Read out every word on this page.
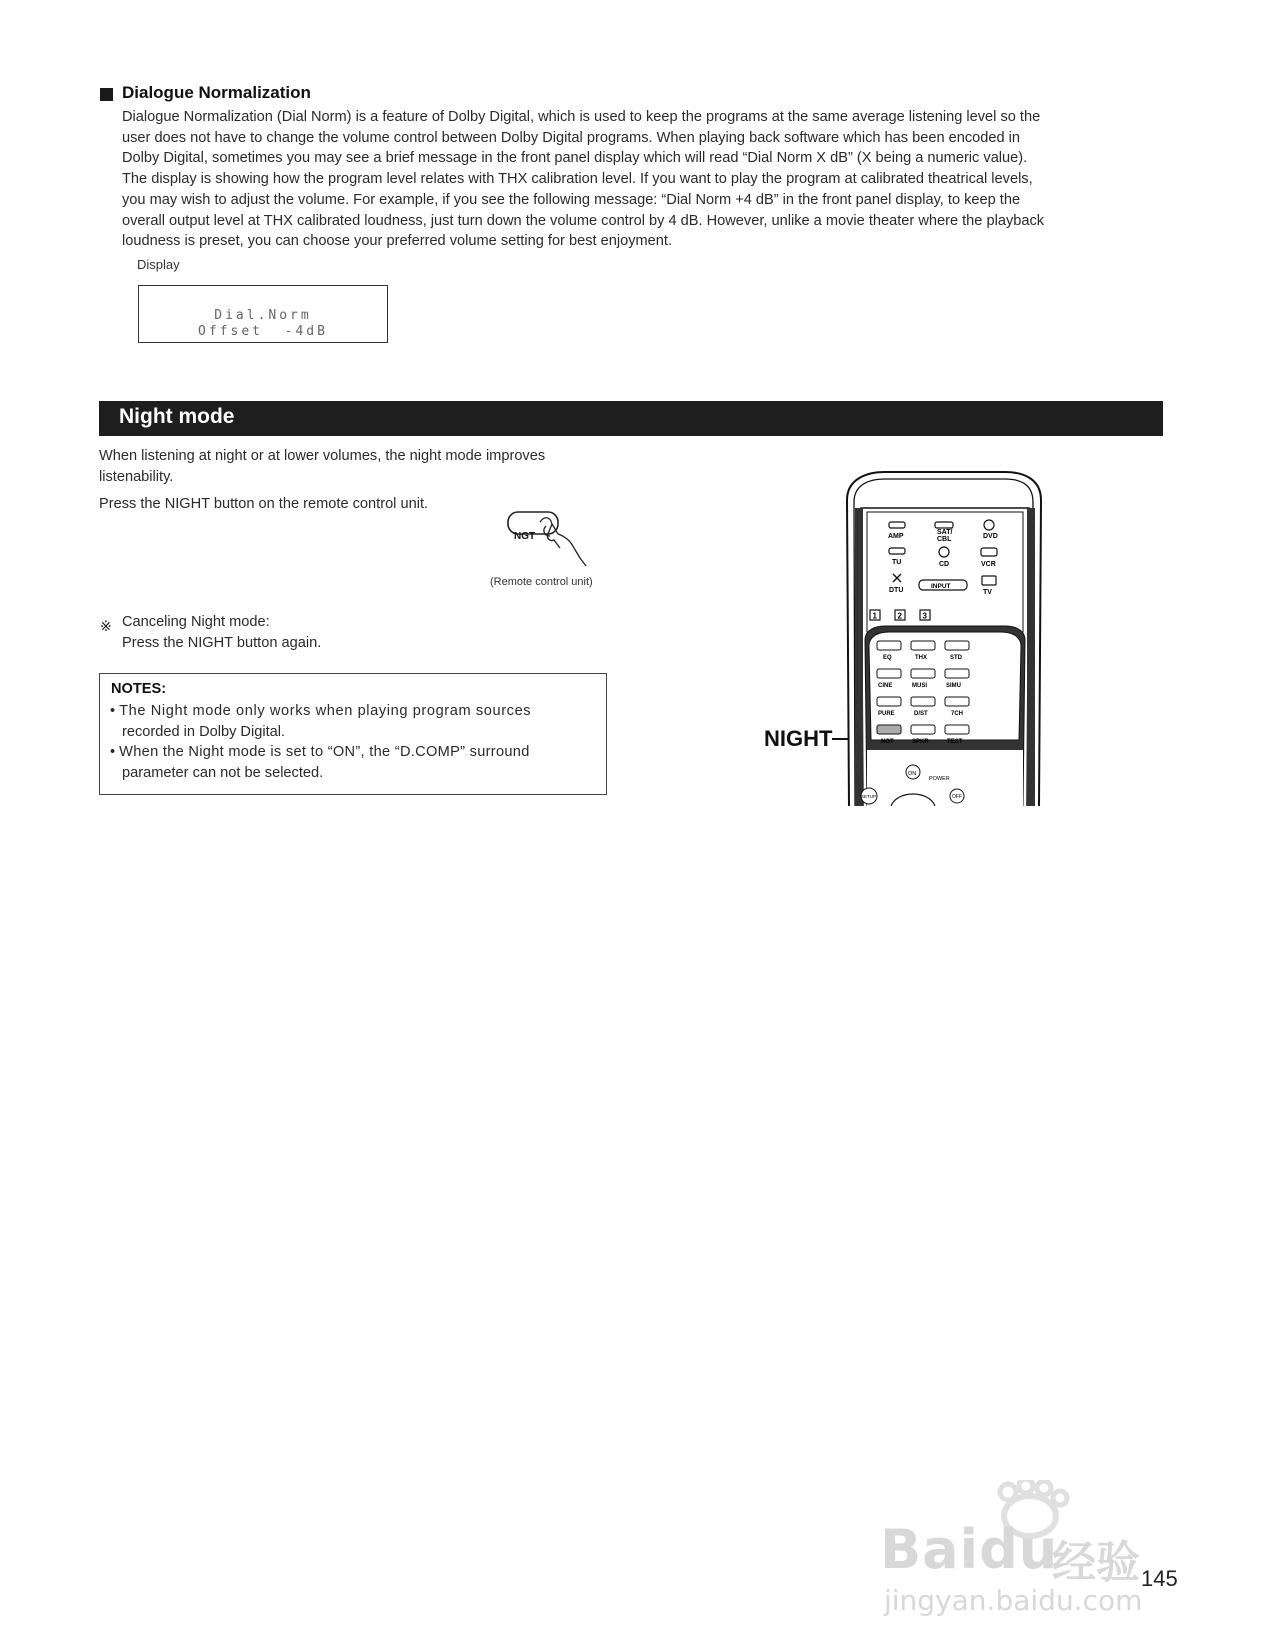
Dialogue Normalization
Dialogue Normalization (Dial Norm) is a feature of Dolby Digital, which is used to keep the programs at the same average listening level so the
user does not have to change the volume control between Dolby Digital programs. When playing back software which has been encoded in
Dolby Digital, sometimes you may see a brief message in the front panel display which will read “Dial Norm X dB” (X being a numeric value).
The display is showing how the program level relates with THX calibration level. If you want to play the program at calibrated theatrical levels,
you may wish to adjust the volume. For example, if you see the following message: “Dial Norm +4 dB” in the front panel display, to keep the
overall output level at THX calibrated loudness, just turn down the volume control by 4 dB. However, unlike a movie theater where the playback
loudness is preset, you can choose your preferred volume setting for best enjoyment.
Display
Dial.Norm
Offset  -4dB
Night mode
When listening at night or at lower volumes, the night mode improves
listenability.
Press the NIGHT button on the remote control unit.
NGT
(Remote control unit)
※ Canceling Night mode:
Press the NIGHT button again.
NOTES:
• The Night mode only works when playing program sources
recorded in Dolby Digital.
• When the Night mode is set to “ON”, the “D.COMP” surround
parameter can not be selected.
NIGHT
AMP
SAT/
CBL	DVD
TU	CD	VCR
DTU
INPUT
TV
1	2	3
EQ	THX	STD
CINE	MUSI	SIMU
PURE	D/ST	7CH
NGT	SPKR	TEST
ON
POWER
SETUP	OFF
Baidu
经验
jingyan.baidu.com
145
